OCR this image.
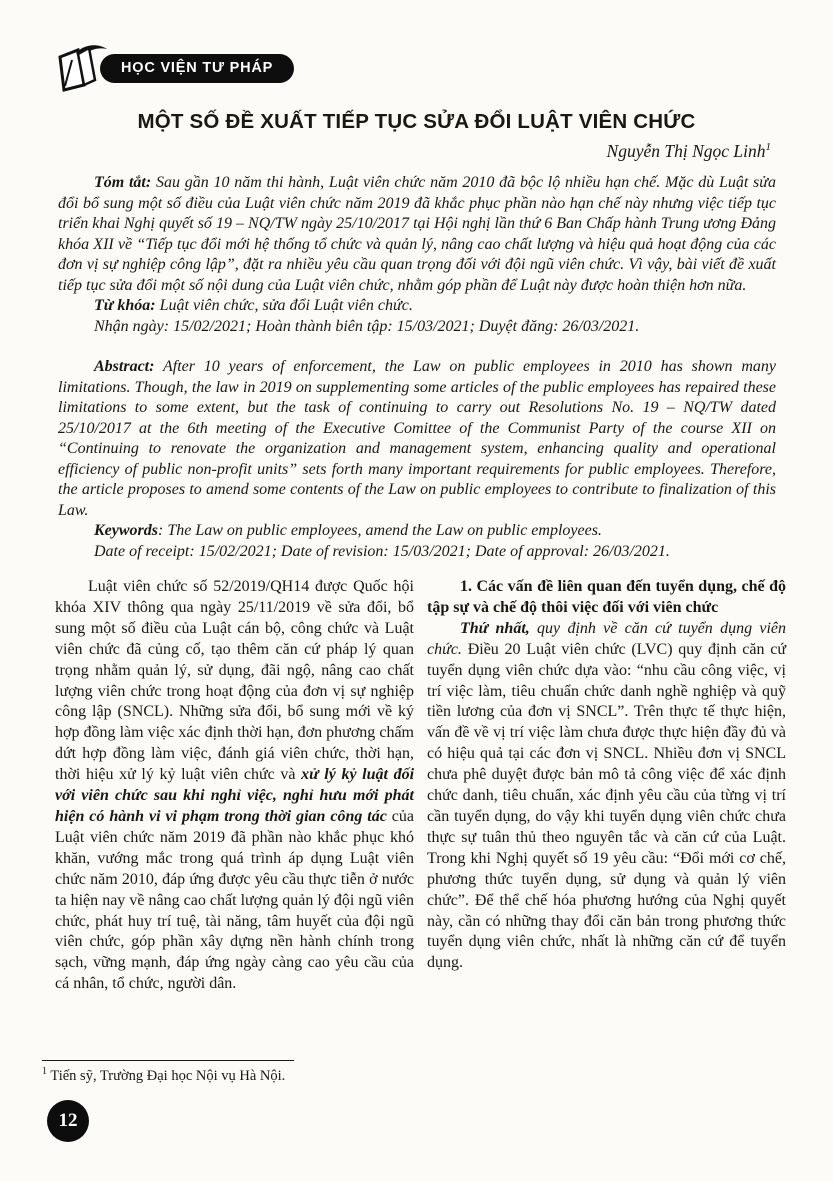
HỌC VIỆN TƯ PHÁP
MỘT SỐ ĐỀ XUẤT TIẾP TỤC SỬA ĐỔI LUẬT VIÊN CHỨC
Nguyễn Thị Ngọc Linh$^1$

Tóm tắt: Sau gần 10 năm thi hành, Luật viên chức năm 2010 đã bộc lộ nhiều hạn chế. Mặc dù Luật sửa đổi bổ sung một số điều của Luật viên chức năm 2019 đã khắc phục phần nào hạn chế này nhưng việc tiếp tục triển khai Nghị quyết số 19 – NQ/TW ngày 25/10/2017 tại Hội nghị lần thứ 6 Ban Chấp hành Trung ương Đảng khóa XII về “Tiếp tục đổi mới hệ thống tổ chức và quản lý, nâng cao chất lượng và hiệu quả hoạt động của các đơn vị sự nghiệp công lập”, đặt ra nhiều yêu cầu quan trọng đối với đội ngũ viên chức. Vì vậy, bài viết đề xuất tiếp tục sửa đổi một số nội dung của Luật viên chức, nhằm góp phần để Luật này được hoàn thiện hơn nữa.

Từ khóa: Luật viên chức, sửa đổi Luật viên chức.

Nhận ngày: 15/02/2021; Hoàn thành biên tập: 15/03/2021; Duyệt đăng: 26/03/2021.

Abstract: After 10 years of enforcement, the Law on public employees in 2010 has shown many limitations. Though, the law in 2019 on supplementing some articles of the public employees has repaired these limitations to some extent, but the task of continuing to carry out Resolutions No. 19 – NQ/TW dated 25/10/2017 at the 6th meeting of the Executive Comittee of the Communist Party of the course XII on “Continuing to renovate the organization and management system, enhancing quality and operational efficiency of public non-profit units” sets forth many important requirements for public employees. Therefore, the article proposes to amend some contents of the Law on public employees to contribute to finalization of this Law.

Keywords: The Law on public employees, amend the Law on public employees.

Date of receipt: 15/02/2021; Date of revision: 15/03/2021; Date of approval: 26/03/2021.

Luật viên chức số 52/2019/QH14 được Quốc hội khóa XIV thông qua ngày 25/11/2019 về sửa đổi, bổ sung một số điều của Luật cán bộ, công chức và Luật viên chức đã củng cố, tạo thêm căn cứ pháp lý quan trọng nhằm quản lý, sử dụng, đãi ngộ, nâng cao chất lượng viên chức trong hoạt động của đơn vị sự nghiệp công lập (SNCL). Những sửa đổi, bổ sung mới về ký hợp đồng làm việc xác định thời hạn, đơn phương chấm dứt hợp đồng làm việc, đánh giá viên chức, thời hạn, thời hiệu xử lý kỷ luật viên chức và xử lý kỷ luật đối với viên chức sau khi nghỉ việc, nghỉ hưu mới phát hiện có hành vi vi phạm trong thời gian công tác của Luật viên chức năm 2019 đã phần nào khắc phục khó khăn, vướng mắc trong quá trình áp dụng Luật viên chức năm 2010, đáp ứng được yêu cầu thực tiễn ở nước ta hiện nay về nâng cao chất lượng quản lý đội ngũ viên chức, phát huy trí tuệ, tài năng, tâm huyết của đội ngũ viên chức, góp phần xây dựng nền hành chính trong sạch, vững mạnh, đáp ứng ngày càng cao yêu cầu của cá nhân, tổ chức, người dân.

1. Các vấn đề liên quan đến tuyển dụng, chế độ tập sự và chế độ thôi việc đối với viên chức

Thứ nhất, quy định về căn cứ tuyển dụng viên chức. Điều 20 Luật viên chức (LVC) quy định căn cứ tuyển dụng viên chức dựa vào: “nhu cầu công việc, vị trí việc làm, tiêu chuẩn chức danh nghề nghiệp và quỹ tiền lương của đơn vị SNCL”. Trên thực tế thực hiện, vấn đề về vị trí việc làm chưa được thực hiện đầy đủ và có hiệu quả tại các đơn vị SNCL. Nhiều đơn vị SNCL chưa phê duyệt được bản mô tả công việc để xác định chức danh, tiêu chuẩn, xác định yêu cầu của từng vị trí cần tuyển dụng, do vậy khi tuyển dụng viên chức chưa thực sự tuân thủ theo nguyên tắc và căn cứ của Luật. Trong khi Nghị quyết số 19 yêu cầu: “Đổi mới cơ chế, phương thức tuyển dụng, sử dụng và quản lý viên chức”. Để thể chế hóa phương hướng của Nghị quyết này, cần có những thay đổi căn bản trong phương thức tuyển dụng viên chức, nhất là những căn cứ để tuyển dụng.

$^1$ Tiến sỹ, Trường Đại học Nội vụ Hà Nội.
12
